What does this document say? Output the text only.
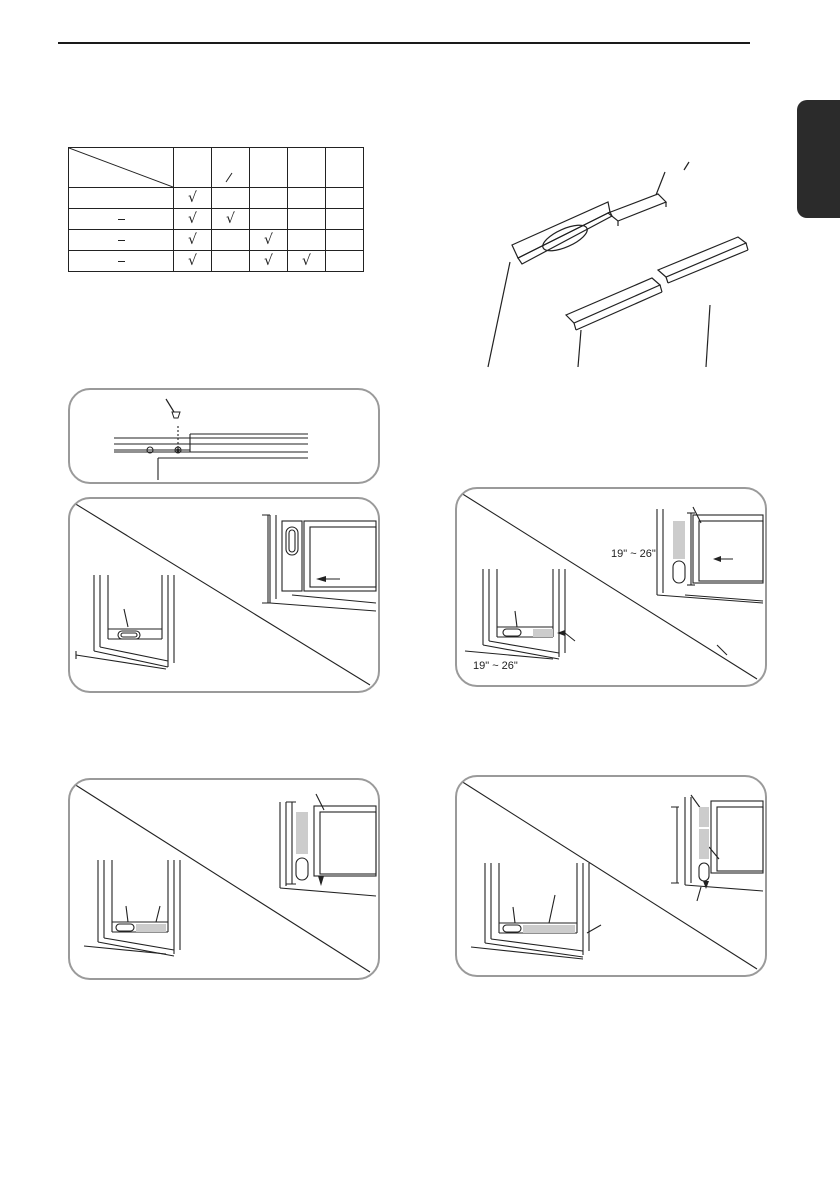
	√				
	√	√			
	√		√		
	√		√	√	
19" ~ 26"
19" ~ 26"
